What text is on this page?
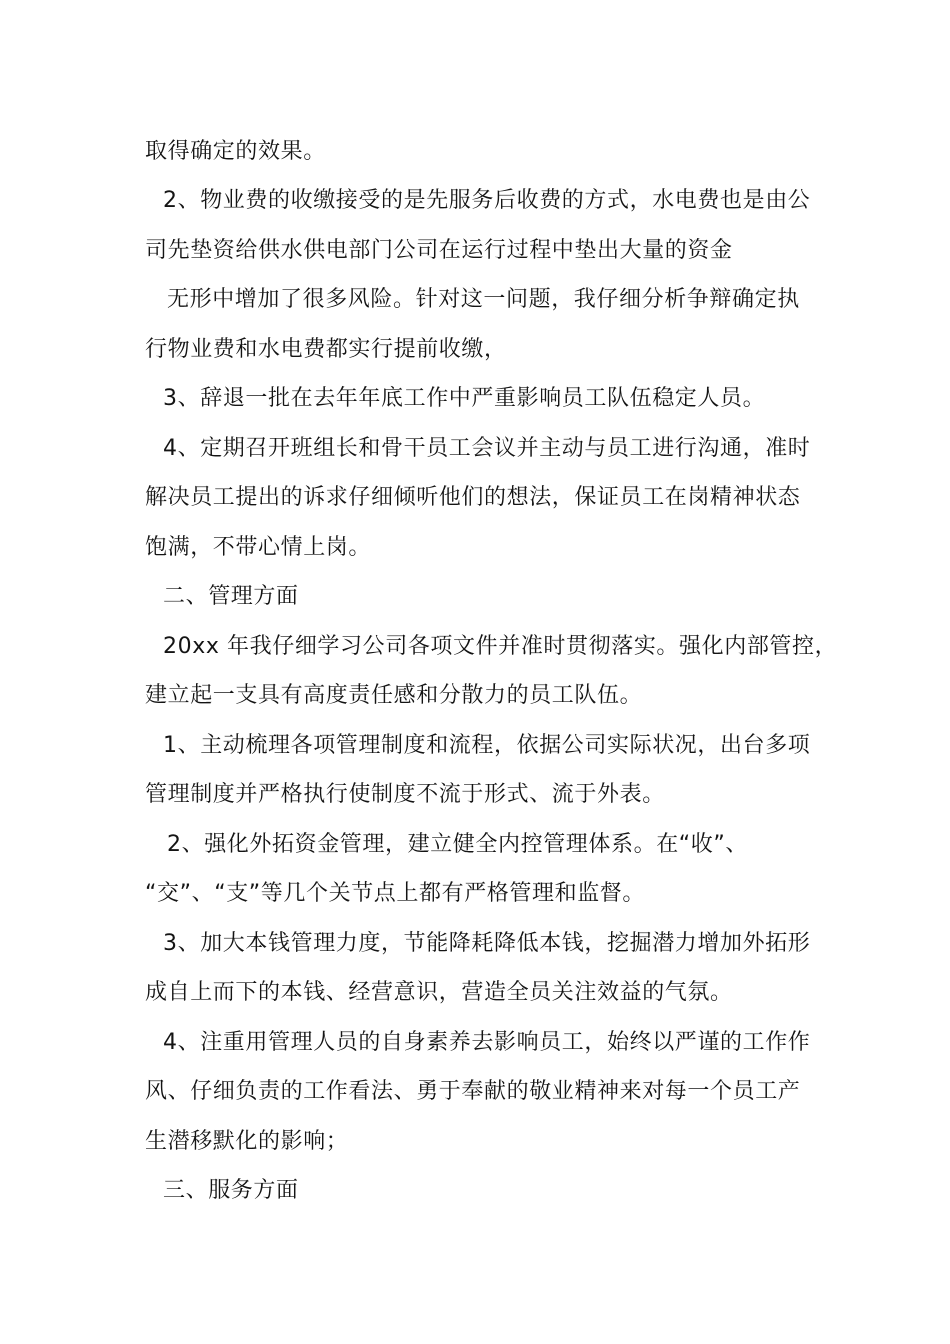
取得确定的效果。
2、物业费的收缴接受的是先服务后收费的方式，水电费也是由公
司先垫资给供水供电部门公司在运行过程中垫出大量的资金
无形中增加了很多风险。针对这一问题，我仔细分析争辩确定执
行物业费和水电费都实行提前收缴，
3、辞退一批在去年年底工作中严重影响员工队伍稳定人员。
4、定期召开班组长和骨干员工会议并主动与员工进行沟通，准时
解决员工提出的诉求仔细倾听他们的想法，保证员工在岗精神状态
饱满，不带心情上岗。
二、管理方面
20xx 年我仔细学习公司各项文件并准时贯彻落实。强化内部管控，
建立起一支具有高度责任感和分散力的员工队伍。
1、主动梳理各项管理制度和流程，依据公司实际状况，出台多项
管理制度并严格执行使制度不流于形式、流于外表。
2、强化外拓资金管理，建立健全内控管理体系。在“收”、
“交”、“支”等几个关节点上都有严格管理和监督。
3、加大本钱管理力度，节能降耗降低本钱，挖掘潜力增加外拓形
成自上而下的本钱、经营意识，营造全员关注效益的气氛。
4、注重用管理人员的自身素养去影响员工，始终以严谨的工作作
风、仔细负责的工作看法、勇于奉献的敬业精神来对每一个员工产
生潜移默化的影响；
三、服务方面
